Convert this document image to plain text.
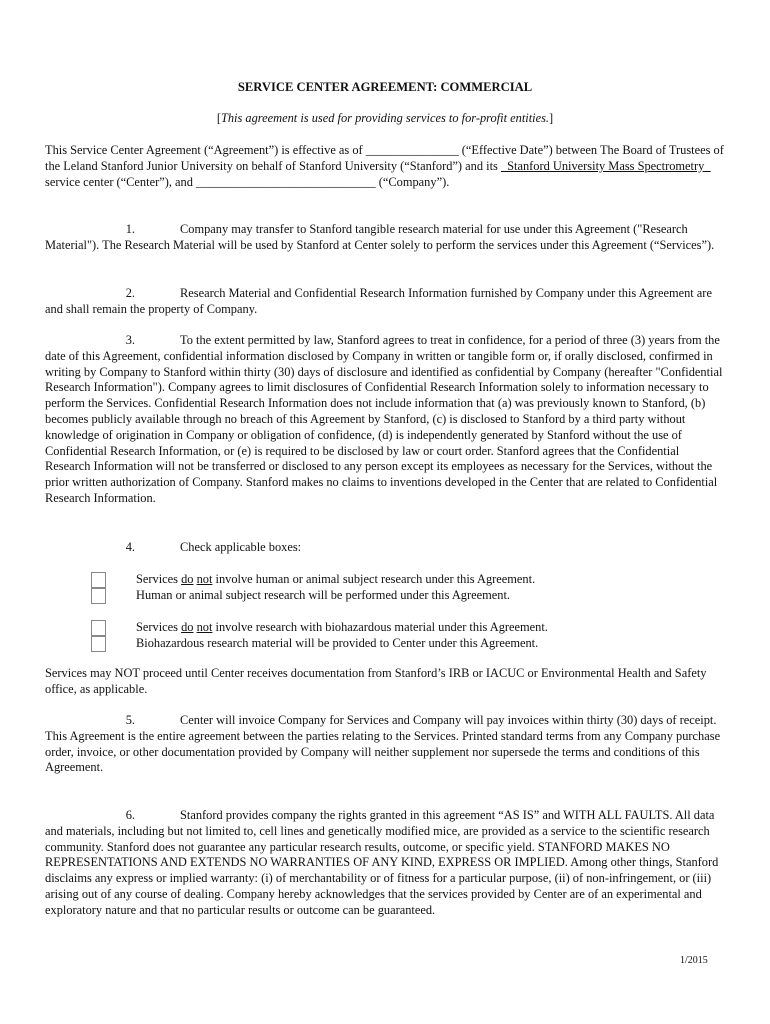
SERVICE CENTER AGREEMENT: COMMERCIAL
[This agreement is used for providing services to for-profit entities.]
This Service Center Agreement (“Agreement”) is effective as of _______________ (“Effective Date”) between The Board of Trustees of the Leland Stanford Junior University on behalf of Stanford University (“Stanford”) and its _Stanford University Mass Spectrometry_ service center (“Center”), and _____________________________ (“Company”).
1.	Company may transfer to Stanford tangible research material for use under this Agreement ("Research Material"). The Research Material will be used by Stanford at Center solely to perform the services under this Agreement (“Services”).
2.	Research Material and Confidential Research Information furnished by Company under this Agreement are and shall remain the property of Company.
3.	To the extent permitted by law, Stanford agrees to treat in confidence, for a period of three (3) years from the date of this Agreement, confidential information disclosed by Company in written or tangible form or, if orally disclosed, confirmed in writing by Company to Stanford within thirty (30) days of disclosure and identified as confidential by Company (hereafter "Confidential Research Information"). Company agrees to limit disclosures of Confidential Research Information solely to information necessary to perform the Services. Confidential Research Information does not include information that (a) was previously known to Stanford, (b) becomes publicly available through no breach of this Agreement by Stanford, (c) is disclosed to Stanford by a third party without knowledge of origination in Company or obligation of confidence, (d) is independently generated by Stanford without the use of Confidential Research Information, or (e) is required to be disclosed by law or court order. Stanford agrees that the Confidential Research Information will not be transferred or disclosed to any person except its employees as necessary for the Services, without the prior written authorization of Company. Stanford makes no claims to inventions developed in the Center that are related to Confidential Research Information.
4.	Check applicable boxes:
Services do not involve human or animal subject research under this Agreement.
Human or animal subject research will be performed under this Agreement.
Services do not involve research with biohazardous material under this Agreement.
Biohazardous research material will be provided to Center under this Agreement.
Services may NOT proceed until Center receives documentation from Stanford’s IRB or IACUC or Environmental Health and Safety office, as applicable.
5.	Center will invoice Company for Services and Company will pay invoices within thirty (30) days of receipt. This Agreement is the entire agreement between the parties relating to the Services. Printed standard terms from any Company purchase order, invoice, or other documentation provided by Company will neither supplement nor supersede the terms and conditions of this Agreement.
6.	Stanford provides company the rights granted in this agreement “AS IS” and WITH ALL FAULTS. All data and materials, including but not limited to, cell lines and genetically modified mice, are provided as a service to the scientific research community. Stanford does not guarantee any particular research results, outcome, or specific yield. STANFORD MAKES NO REPRESENTATIONS AND EXTENDS NO WARRANTIES OF ANY KIND, EXPRESS OR IMPLIED. Among other things, Stanford disclaims any express or implied warranty: (i) of merchantability or of fitness for a particular purpose, (ii) of non-infringement, or (iii) arising out of any course of dealing. Company hereby acknowledges that the services provided by Center are of an experimental and exploratory nature and that no particular results or outcome can be guaranteed.
1/2015
